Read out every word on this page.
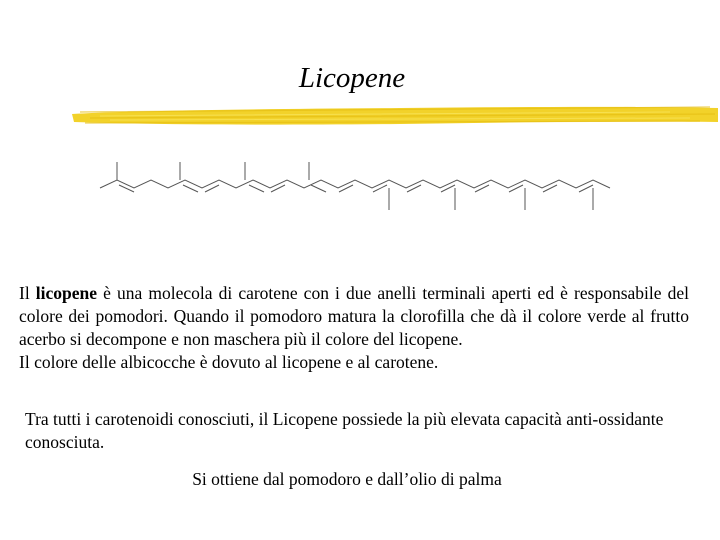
Licopene
Il licopene è una molecola di carotene con i due anelli terminali aperti ed è responsabile del colore dei pomodori. Quando il pomodoro matura la clorofilla che dà il colore verde al frutto acerbo si decompone e non maschera più il colore del licopene.
Il colore delle albicocche è dovuto al licopene e al carotene.
Tra tutti i carotenoidi conosciuti, il Licopene possiede la più elevata capacità anti-ossidante conosciuta.
Si ottiene dal pomodoro e dall’olio di palma
